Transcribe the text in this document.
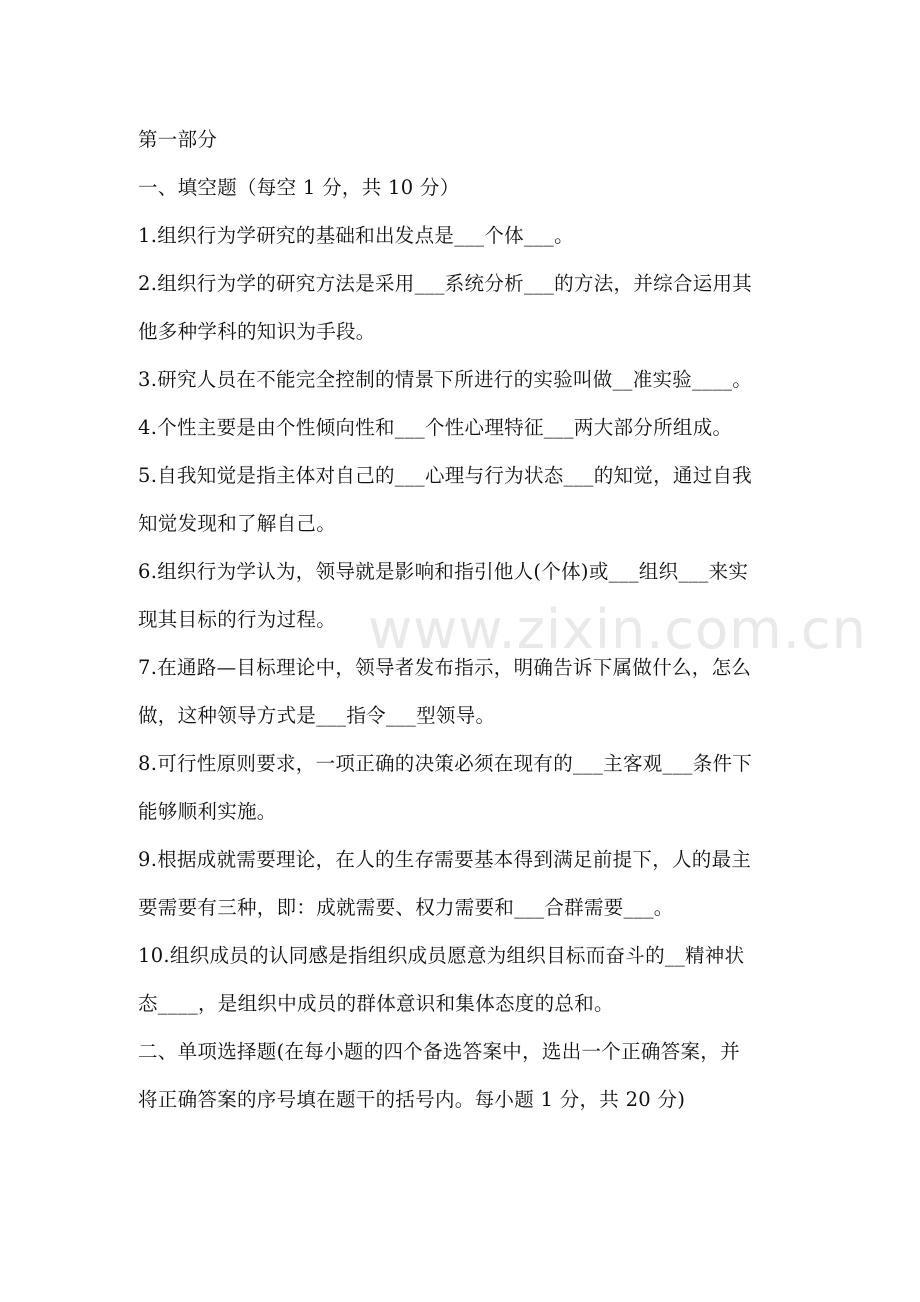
www.zixin.com.cn

第一部分

一、填空题（每空 1 分，共 10 分）

1.组织行为学研究的基础和出发点是___个体___。

2.组织行为学的研究方法是采用___系统分析___的方法，并综合运用其

他多种学科的知识为手段。

3.研究人员在不能完全控制的情景下所进行的实验叫做__准实验____。

4.个性主要是由个性倾向性和___个性心理特征___两大部分所组成。

5.自我知觉是指主体对自己的___心理与行为状态___的知觉，通过自我

知觉发现和了解自己。

6.组织行为学认为，领导就是影响和指引他人(个体)或___组织___来实

现其目标的行为过程。

7.在通路—目标理论中，领导者发布指示，明确告诉下属做什么，怎么

做，这种领导方式是___指令___型领导。

8.可行性原则要求，一项正确的决策必须在现有的___主客观___条件下

能够顺利实施。

9.根据成就需要理论，在人的生存需要基本得到满足前提下，人的最主

要需要有三种，即：成就需要、权力需要和___合群需要___。

10.组织成员的认同感是指组织成员愿意为组织目标而奋斗的__精神状

态____，是组织中成员的群体意识和集体态度的总和。

二、单项选择题(在每小题的四个备选答案中，选出一个正确答案，并

将正确答案的序号填在题干的括号内。每小题 1 分，共 20 分)
